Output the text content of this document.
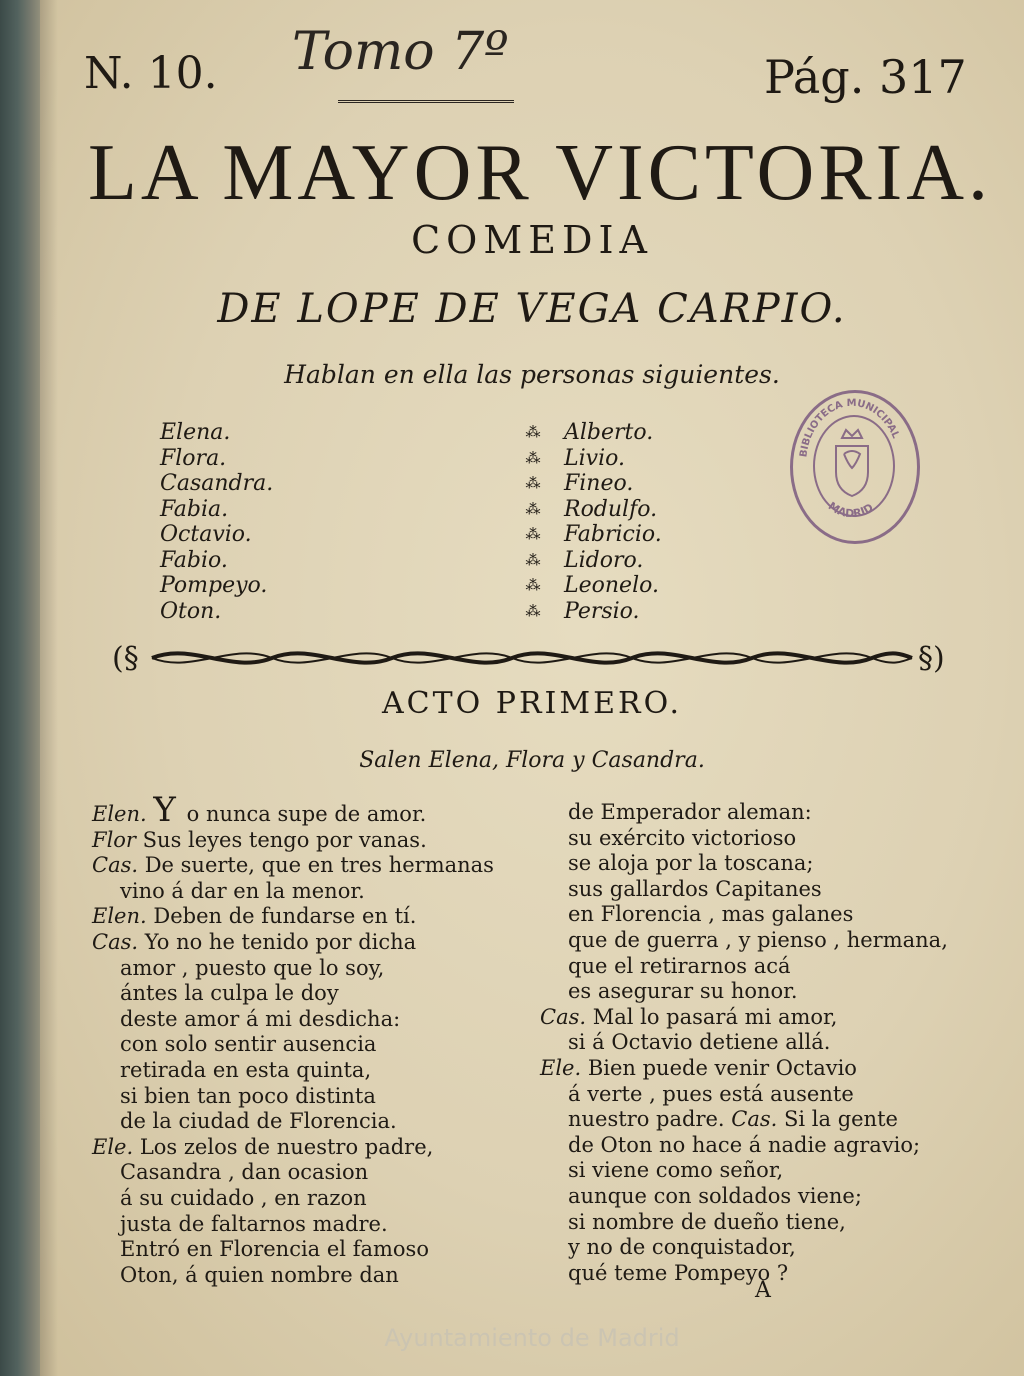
N. 10. Tomo 7º	Pág. 317
LA MAYOR VICTORIA.
COMEDIA
DE LOPE DE VEGA CARPIO.
Hablan en ella las personas siguientes.
Elena.
Flora.
Casandra.
Fabia.
Octavio.
Fabio.
Pompeyo.
Oton.
⁂
⁂
⁂
⁂
⁂
⁂
⁂
⁂
Alberto.
Livio.
Fineo.
Rodulfo.
Fabricio.
Lidoro.
Leonelo.
Persio.
BIBLIOTECA MUNICIPAL
MADRID
(§	§)
ACTO PRIMERO.
Salen Elena, Flora y Casandra.
Elen. Y o nunca supe de amor.
Flor Sus leyes tengo por vanas.
Cas. De suerte, que en tres hermanas
vino á dar en la menor.
Elen. Deben de fundarse en tí.
Cas. Yo no he tenido por dicha
amor , puesto que lo soy,
ántes la culpa le doy
deste amor á mi desdicha:
con solo sentir ausencia
retirada en esta quinta,
si bien tan poco distinta
de la ciudad de Florencia.
Ele. Los zelos de nuestro padre,
Casandra , dan ocasion
á su cuidado , en razon
justa de faltarnos madre.
Entró en Florencia el famoso
Oton, á quien nombre dan
de Emperador aleman:
su exército victorioso
se aloja por la toscana;
sus gallardos Capitanes
en Florencia , mas galanes
que de guerra , y pienso , hermana,
que el retirarnos acá
es asegurar su honor.
Cas. Mal lo pasará mi amor,
si á Octavio detiene allá.
Ele. Bien puede venir Octavio
á verte , pues está ausente
nuestro padre. Cas. Si la gente
de Oton no hace á nadie agravio;
si viene como señor,
aunque con soldados viene;
si nombre de dueño tiene,
y no de conquistador,
qué teme Pompeyo ?
A
Ayuntamiento de Madrid
